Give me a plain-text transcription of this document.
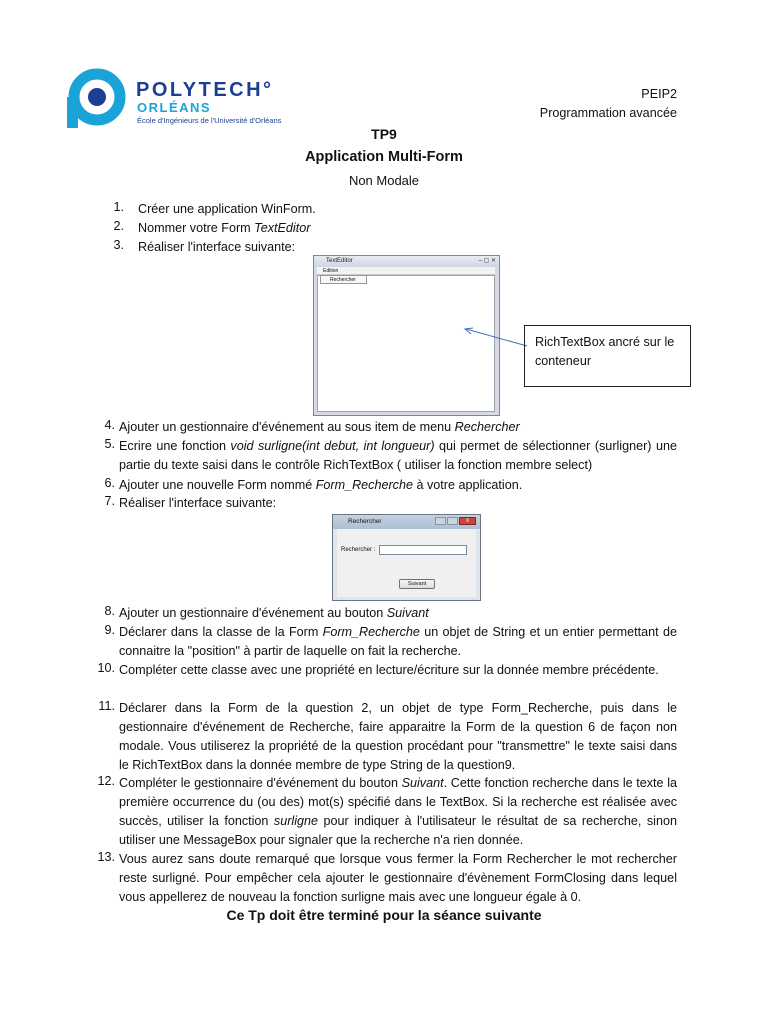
POLYTECH°
ORLÉANS
École d'Ingénieurs de l'Université d'Orléans
PEIP2
Programmation avancée
TP9
Application Multi-Form
Non Modale
1. Créer une application WinForm.
2. Nommer votre Form TextEditor
3. Réaliser l'interface suivante:
TextEditor	– ▢ ✕
Edition
Rechercher
RichTextBox ancré sur le conteneur
4. Ajouter un gestionnaire d'événement au sous item de menu Rechercher
5. Ecrire une fonction void surligne(int debut, int longueur) qui permet de sélectionner (surligner) une partie du texte saisi dans le contrôle RichTextBox ( utiliser la fonction membre select)
6. Ajouter une nouvelle Form nommé Form_Recherche à votre application.
7. Réaliser l'interface suivante:
Rechercher	X
Rechercher :
Suivant
8. Ajouter un gestionnaire d'événement au bouton Suivant
9. Déclarer dans la classe de la Form Form_Recherche un objet de String et un entier permettant de connaitre la "position" à partir de laquelle on fait la recherche.
10. Compléter cette classe avec une propriété en lecture/écriture sur la donnée membre précédente.
11. Déclarer dans la Form de la question 2, un objet de type Form_Recherche, puis dans le gestionnaire d'événement de Recherche, faire apparaitre la Form de la question 6 de façon non modale. Vous utiliserez la propriété de la question procédant pour "transmettre" le texte saisi dans le RichTextBox dans la donnée membre de type String de la question9.
12. Compléter le gestionnaire d'événement du bouton Suivant. Cette fonction recherche dans le texte la première occurrence du (ou des) mot(s) spécifié dans le TextBox. Si la recherche est réalisée avec succès, utiliser la fonction surligne pour indiquer à l'utilisateur le résultat de sa recherche, sinon utiliser une MessageBox pour signaler que la recherche n'a rien donnée.
13. Vous aurez sans doute remarqué que lorsque vous fermer la Form Rechercher le mot rechercher reste surligné. Pour empêcher cela ajouter le gestionnaire d'évènement FormClosing dans lequel vous appellerez de nouveau la fonction surligne mais avec une longueur égale à 0.
Ce Tp doit être terminé pour la séance suivante
